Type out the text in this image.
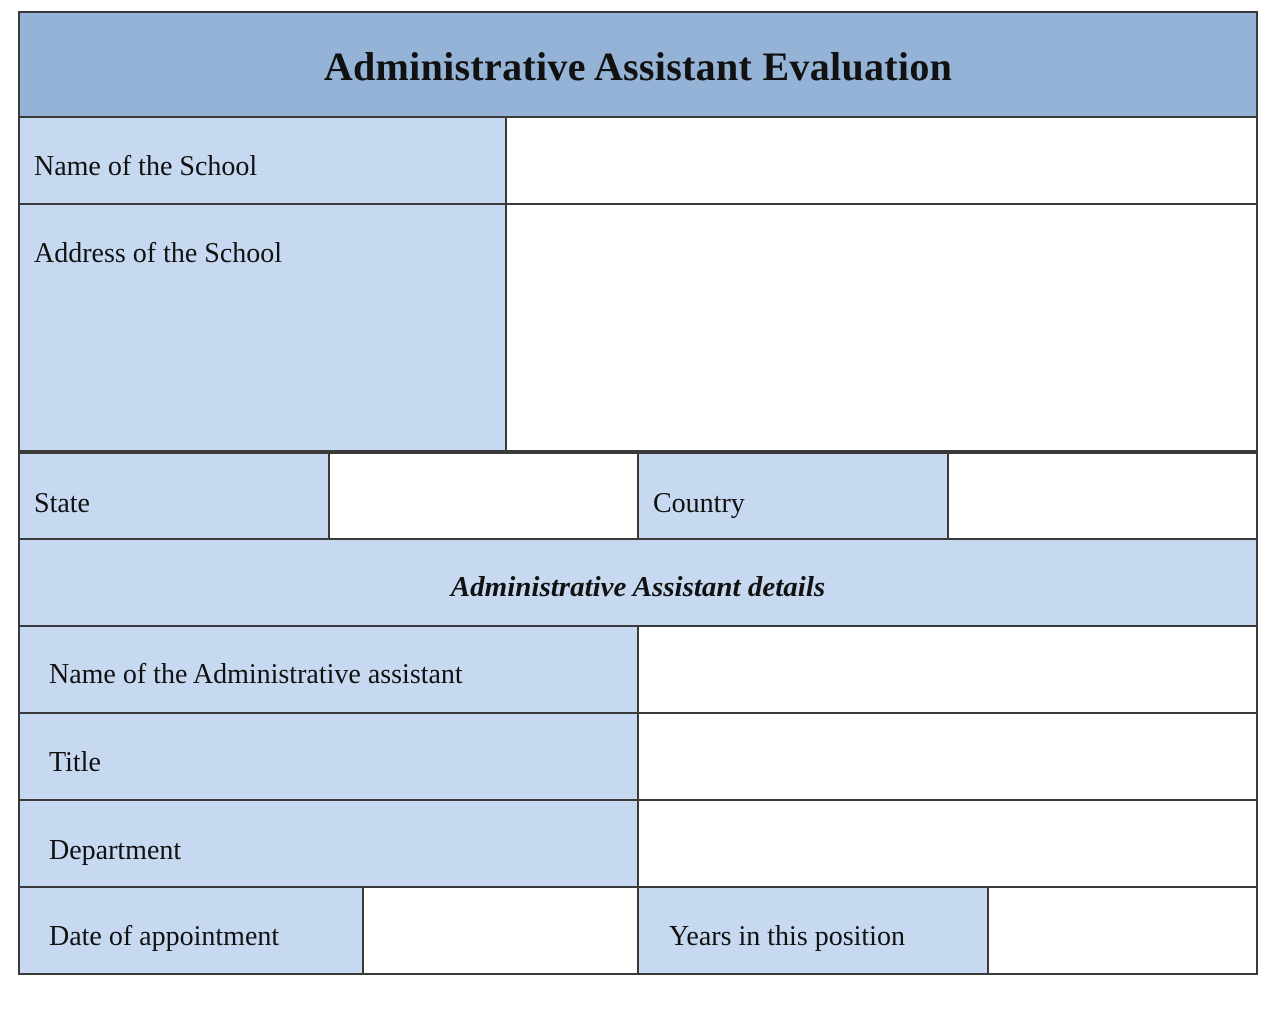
Administrative Assistant Evaluation
Name of the School
Address of the School
State	Country
Administrative Assistant details
Name of the Administrative assistant
Title
Department
Date of appointment	Years in this position
